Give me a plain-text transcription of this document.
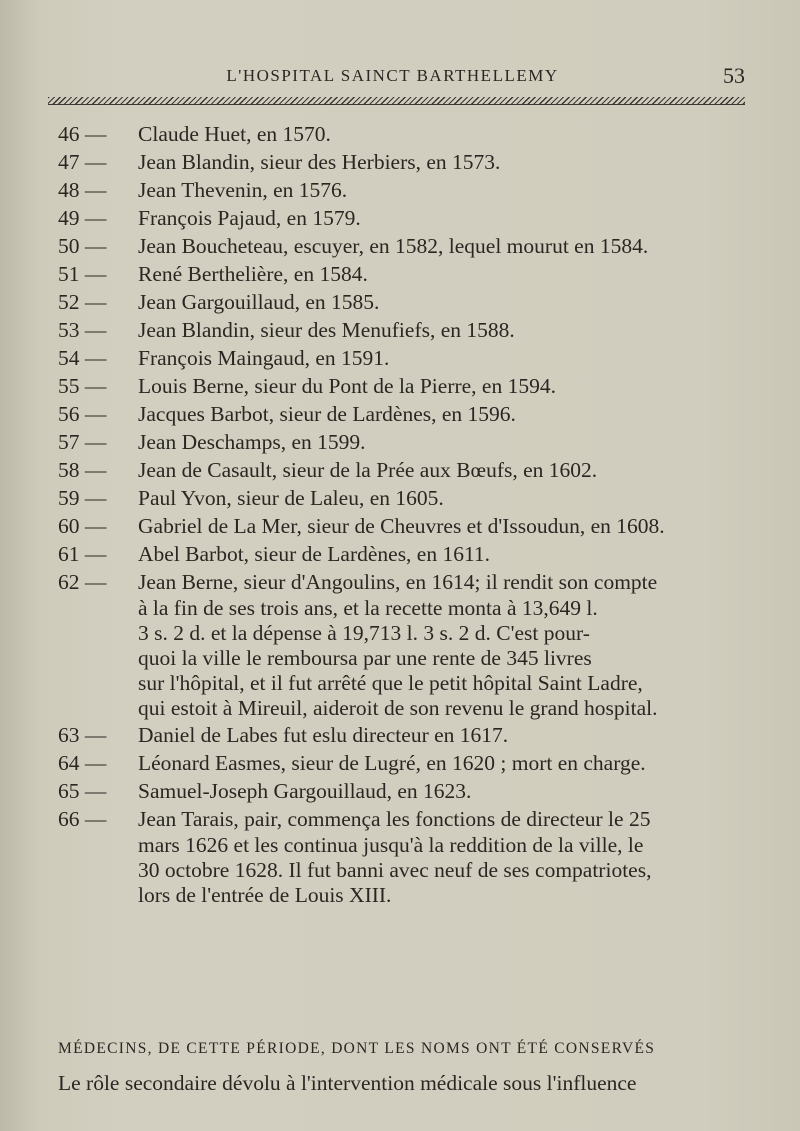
L'HOSPITAL SAINCT BARTHELLEMY	53
46 —	Claude Huet, en 1570.
47 —	Jean Blandin, sieur des Herbiers, en 1573.
48 —	Jean Thevenin, en 1576.
49 —	François Pajaud, en 1579.
50 —	Jean Boucheteau, escuyer, en 1582, lequel mourut en 1584.
51 —	René Berthelière, en 1584.
52 —	Jean Gargouillaud, en 1585.
53 —	Jean Blandin, sieur des Menufiefs, en 1588.
54 —	François Maingaud, en 1591.
55 —	Louis Berne, sieur du Pont de la Pierre, en 1594.
56 —	Jacques Barbot, sieur de Lardènes, en 1596.
57 —	Jean Deschamps, en 1599.
58 —	Jean de Casault, sieur de la Prée aux Bœufs, en 1602.
59 —	Paul Yvon, sieur de Laleu, en 1605.
60 —	Gabriel de La Mer, sieur de Cheuvres et d'Issoudun, en 1608.
61 —	Abel Barbot, sieur de Lardènes, en 1611.
62 —	Jean Berne, sieur d'Angoulins, en 1614; il rendit son compte
à la fin de ses trois ans, et la recette monta à 13,649 l.
3 s. 2 d. et la dépense à 19,713 l. 3 s. 2 d. C'est pour-
quoi la ville le remboursa par une rente de 345 livres
sur l'hôpital, et il fut arrêté que le petit hôpital Saint Ladre,
qui estoit à Mireuil, aideroit de son revenu le grand hospital.
63 —	Daniel de Labes fut eslu directeur en 1617.
64 —	Léonard Easmes, sieur de Lugré, en 1620 ; mort en charge.
65 —	Samuel-Joseph Gargouillaud, en 1623.
66 —	Jean Tarais, pair, commença les fonctions de directeur le 25
mars 1626 et les continua jusqu'à la reddition de la ville, le
30 octobre 1628. Il fut banni avec neuf de ses compatriotes,
lors de l'entrée de Louis XIII.
MÉDECINS, DE CETTE PÉRIODE, DONT LES NOMS ONT ÉTÉ CONSERVÉS
Le rôle secondaire dévolu à l'intervention médicale sous l'influence
